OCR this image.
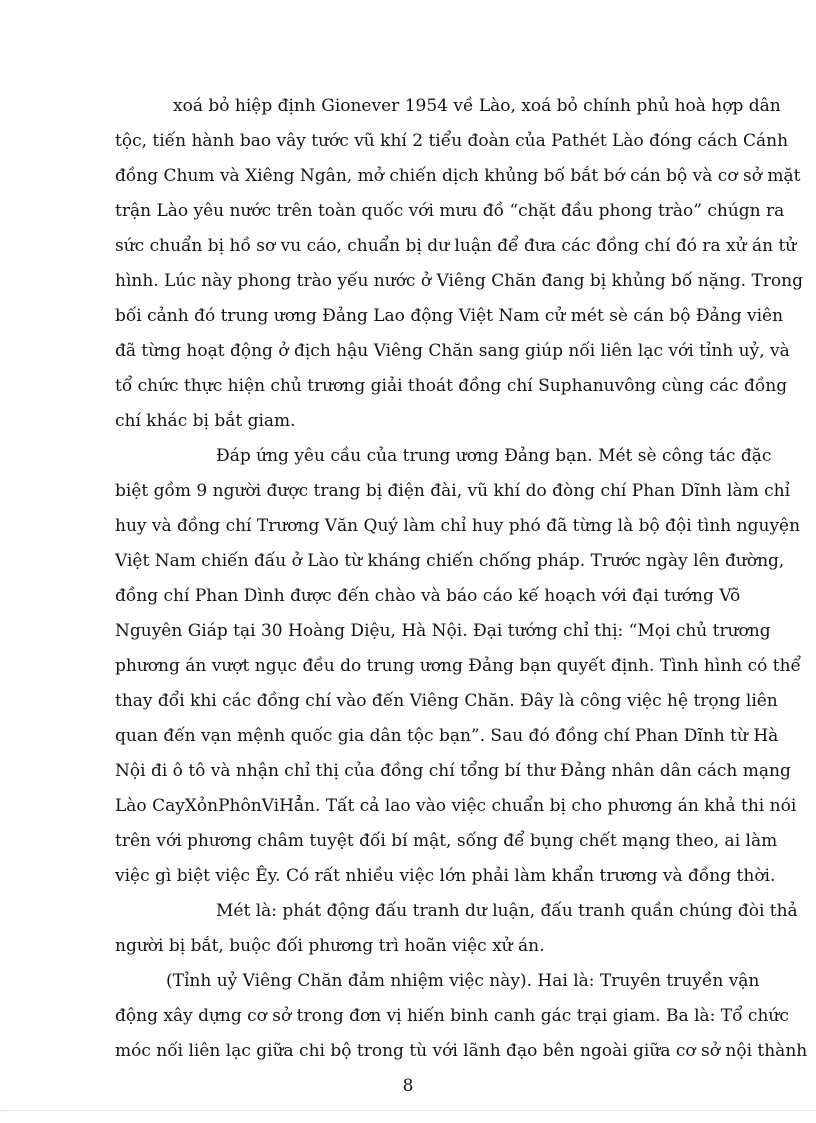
xoá bỏ hiệp định Gionever 1954 về Lào, xoá bỏ chính phủ hoà hợp dân
tộc, tiến hành bao vây tước vũ khí 2 tiểu đoàn của Pathét Lào đóng cách Cánh
đồng Chum và Xiêng Ngân, mở chiến dịch khủng bố bắt bớ cán bộ và cơ sở mặt
trận Lào yêu nước trên toàn quốc với mưu đồ “chặt đầu phong trào” chúgn ra
sức chuẩn bị hồ sơ vu cáo, chuẩn bị dư luận để đưa các đồng chí đó ra xử án tử
hình. Lúc này phong trào yếu nước ở Viêng Chăn đang bị khủng bố nặng. Trong
bối cảnh đó trung ương Đảng Lao động Việt Nam cử mét sè cán bộ Đảng viên
đã từng hoạt động ở địch hậu Viêng Chăn sang giúp nối liên lạc với tỉnh uỷ, và
tổ chức thực hiện chủ trương giải thoát đồng chí Suphanuvông cùng các đồng
chí khác bị bắt giam.
Đáp ứng yêu cầu của trung ương Đảng bạn. Mét sè công tác đặc
biệt gồm 9 người được trang bị điện đài, vũ khí do đòng chí Phan Dĩnh làm chỉ
huy và đồng chí Trương Văn Quý làm chỉ huy phó đã từng là bộ đội tình nguyện
Việt Nam chiến đấu ở Lào từ kháng chiến chống pháp. Trước ngày lên đường,
đồng chí Phan Dình được đến chào và báo cáo kế hoạch với đại tướng Võ
Nguyên Giáp tại 30 Hoàng Diệu, Hà Nội. Đại tướng chỉ thị: “Mọi chủ trương
phương án vượt ngục đều do trung ương Đảng bạn quyết định. Tình hình có thể
thay đổi khi các đồng chí vào đến Viêng Chăn. Đây là công việc hệ trọng liên
quan đến vạn mệnh quốc gia dân tộc bạn”. Sau đó đồng chí Phan Dĩnh từ Hà
Nội đi ô tô và nhận chỉ thị của đồng chí tổng bí thư Đảng nhân dân cách mạng
Lào CayXỏnPhônViHẳn. Tất cả lao vào việc chuẩn bị cho phương án khả thi nói
trên với phương châm tuyệt đối bí mật, sống để bụng chết mạng theo, ai làm
việc gì biệt việc Êy. Có rất nhiều việc lớn phải làm khẩn trương và đồng thời.
Mét là: phát động đấu tranh dư luận, đấu tranh quần chúng đòi thả
người bị bắt, buộc đối phương trì hoãn việc xử án.
(Tỉnh uỷ Viêng Chăn đảm nhiệm việc này). Hai là: Truyên truyền vận
động xây dựng cơ sở trong đơn vị hiến binh canh gác trại giam. Ba là: Tổ chức
móc nối liên lạc giữa chi bộ trong tù với lãnh đạo bên ngoài giữa cơ sở nội thành
8
